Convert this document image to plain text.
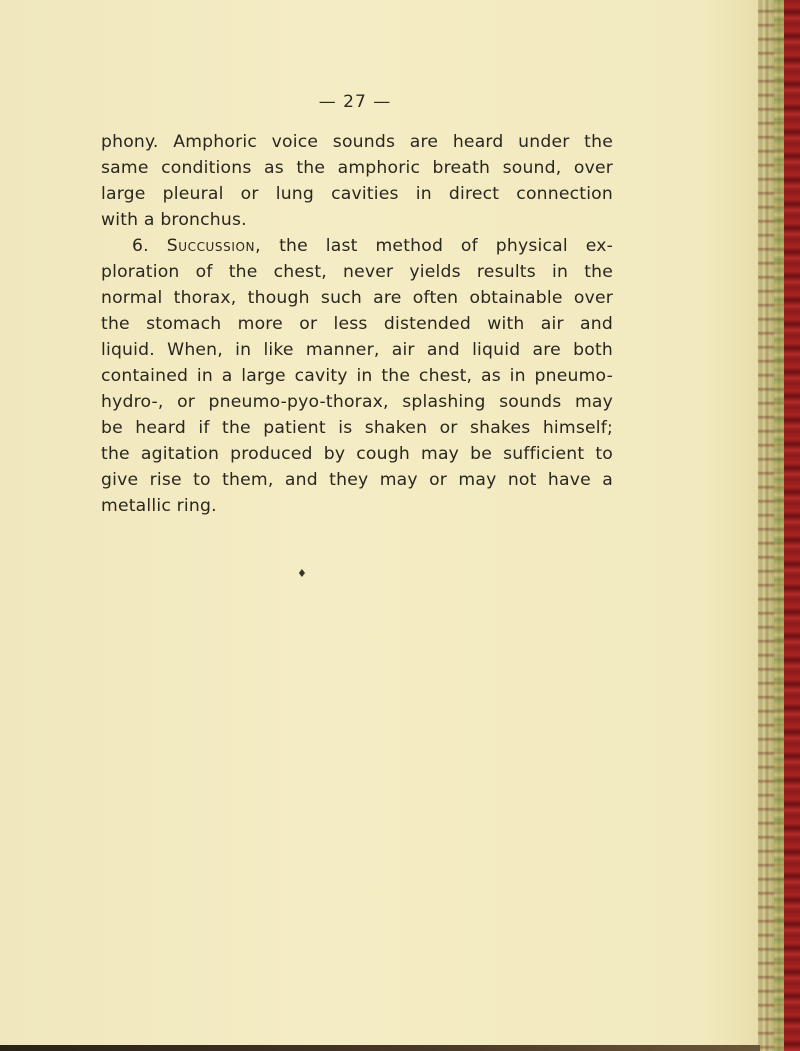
— 27 —
phony. Amphoric voice sounds are heard under the
same conditions as the amphoric breath sound, over
large pleural or lung cavities in direct connection
with a bronchus.
6. Succussion, the last method of physical ex-
ploration of the chest, never yields results in the
normal thorax, though such are often obtainable over
the stomach more or less distended with air and
liquid. When, in like manner, air and liquid are both
contained in a large cavity in the chest, as in pneumo-
hydro-, or pneumo-pyo-thorax, splashing sounds may
be heard if the patient is shaken or shakes himself;
the agitation produced by cough may be sufficient to
give rise to them, and they may or may not have a
metallic ring.
♦
